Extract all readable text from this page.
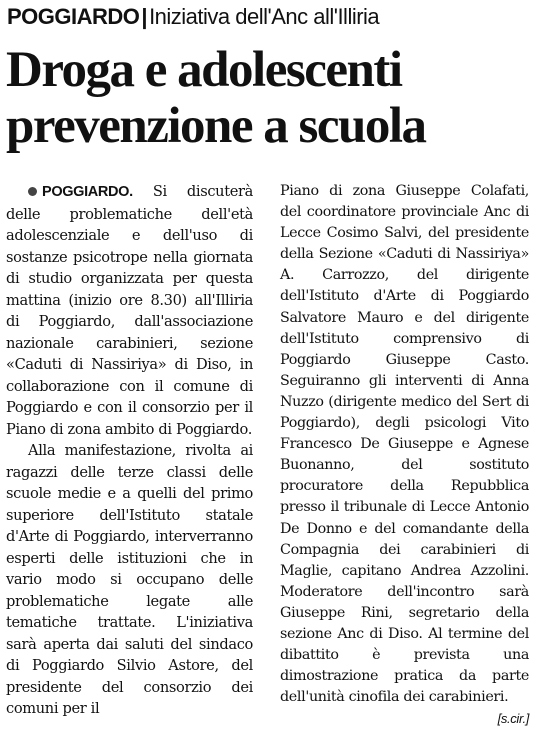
POGGIARDO|Iniziativa dell'Anc all'Illiria
Droga e adolescenti
prevenzione a scuola

POGGIARDO. Si discuterà delle problematiche dell'età adolescenziale e dell'uso di sostanze psicotrope nella giornata di studio organizzata per questa mattina (inizio ore 8.30) all'Illiria di Poggiardo, dall'associazione nazionale carabinieri, sezione «Caduti di Nassiriya» di Diso, in collaborazione con il comune di Poggiardo e con il consorzio per il Piano di zona ambito di Poggiardo.

Alla manifestazione, rivolta ai ragazzi delle terze classi delle scuole medie e a quelli del primo superiore dell'Istituto statale d'Arte di Poggiardo, interverranno esperti delle istituzioni che in vario modo si occupano delle problematiche legate alle tematiche trattate. L'iniziativa sarà aperta dai saluti del sindaco di Poggiardo Silvio Astore, del presidente del consorzio dei comuni per il

Piano di zona Giuseppe Colafati, del coordinatore provinciale Anc di Lecce Cosimo Salvi, del presidente della Sezione «Caduti di Nassiriya» A. Carrozzo, del dirigente dell'Istituto d'Arte di Poggiardo Salvatore Mauro e del dirigente dell'Istituto comprensivo di Poggiardo Giuseppe Casto. Seguiranno gli interventi di Anna Nuzzo (dirigente medico del Sert di Poggiardo), degli psicologi Vito Francesco De Giuseppe e Agnese Buonanno, del sostituto procuratore della Repubblica presso il tribunale di Lecce Antonio De Donno e del comandante della Compagnia dei carabinieri di Maglie, capitano Andrea Azzolini. Moderatore dell'incontro sarà Giuseppe Rini, segretario della sezione Anc di Diso. Al termine del dibattito è prevista una dimostrazione pratica da parte dell'unità cinofila dei carabinieri.
[s.cir.]
